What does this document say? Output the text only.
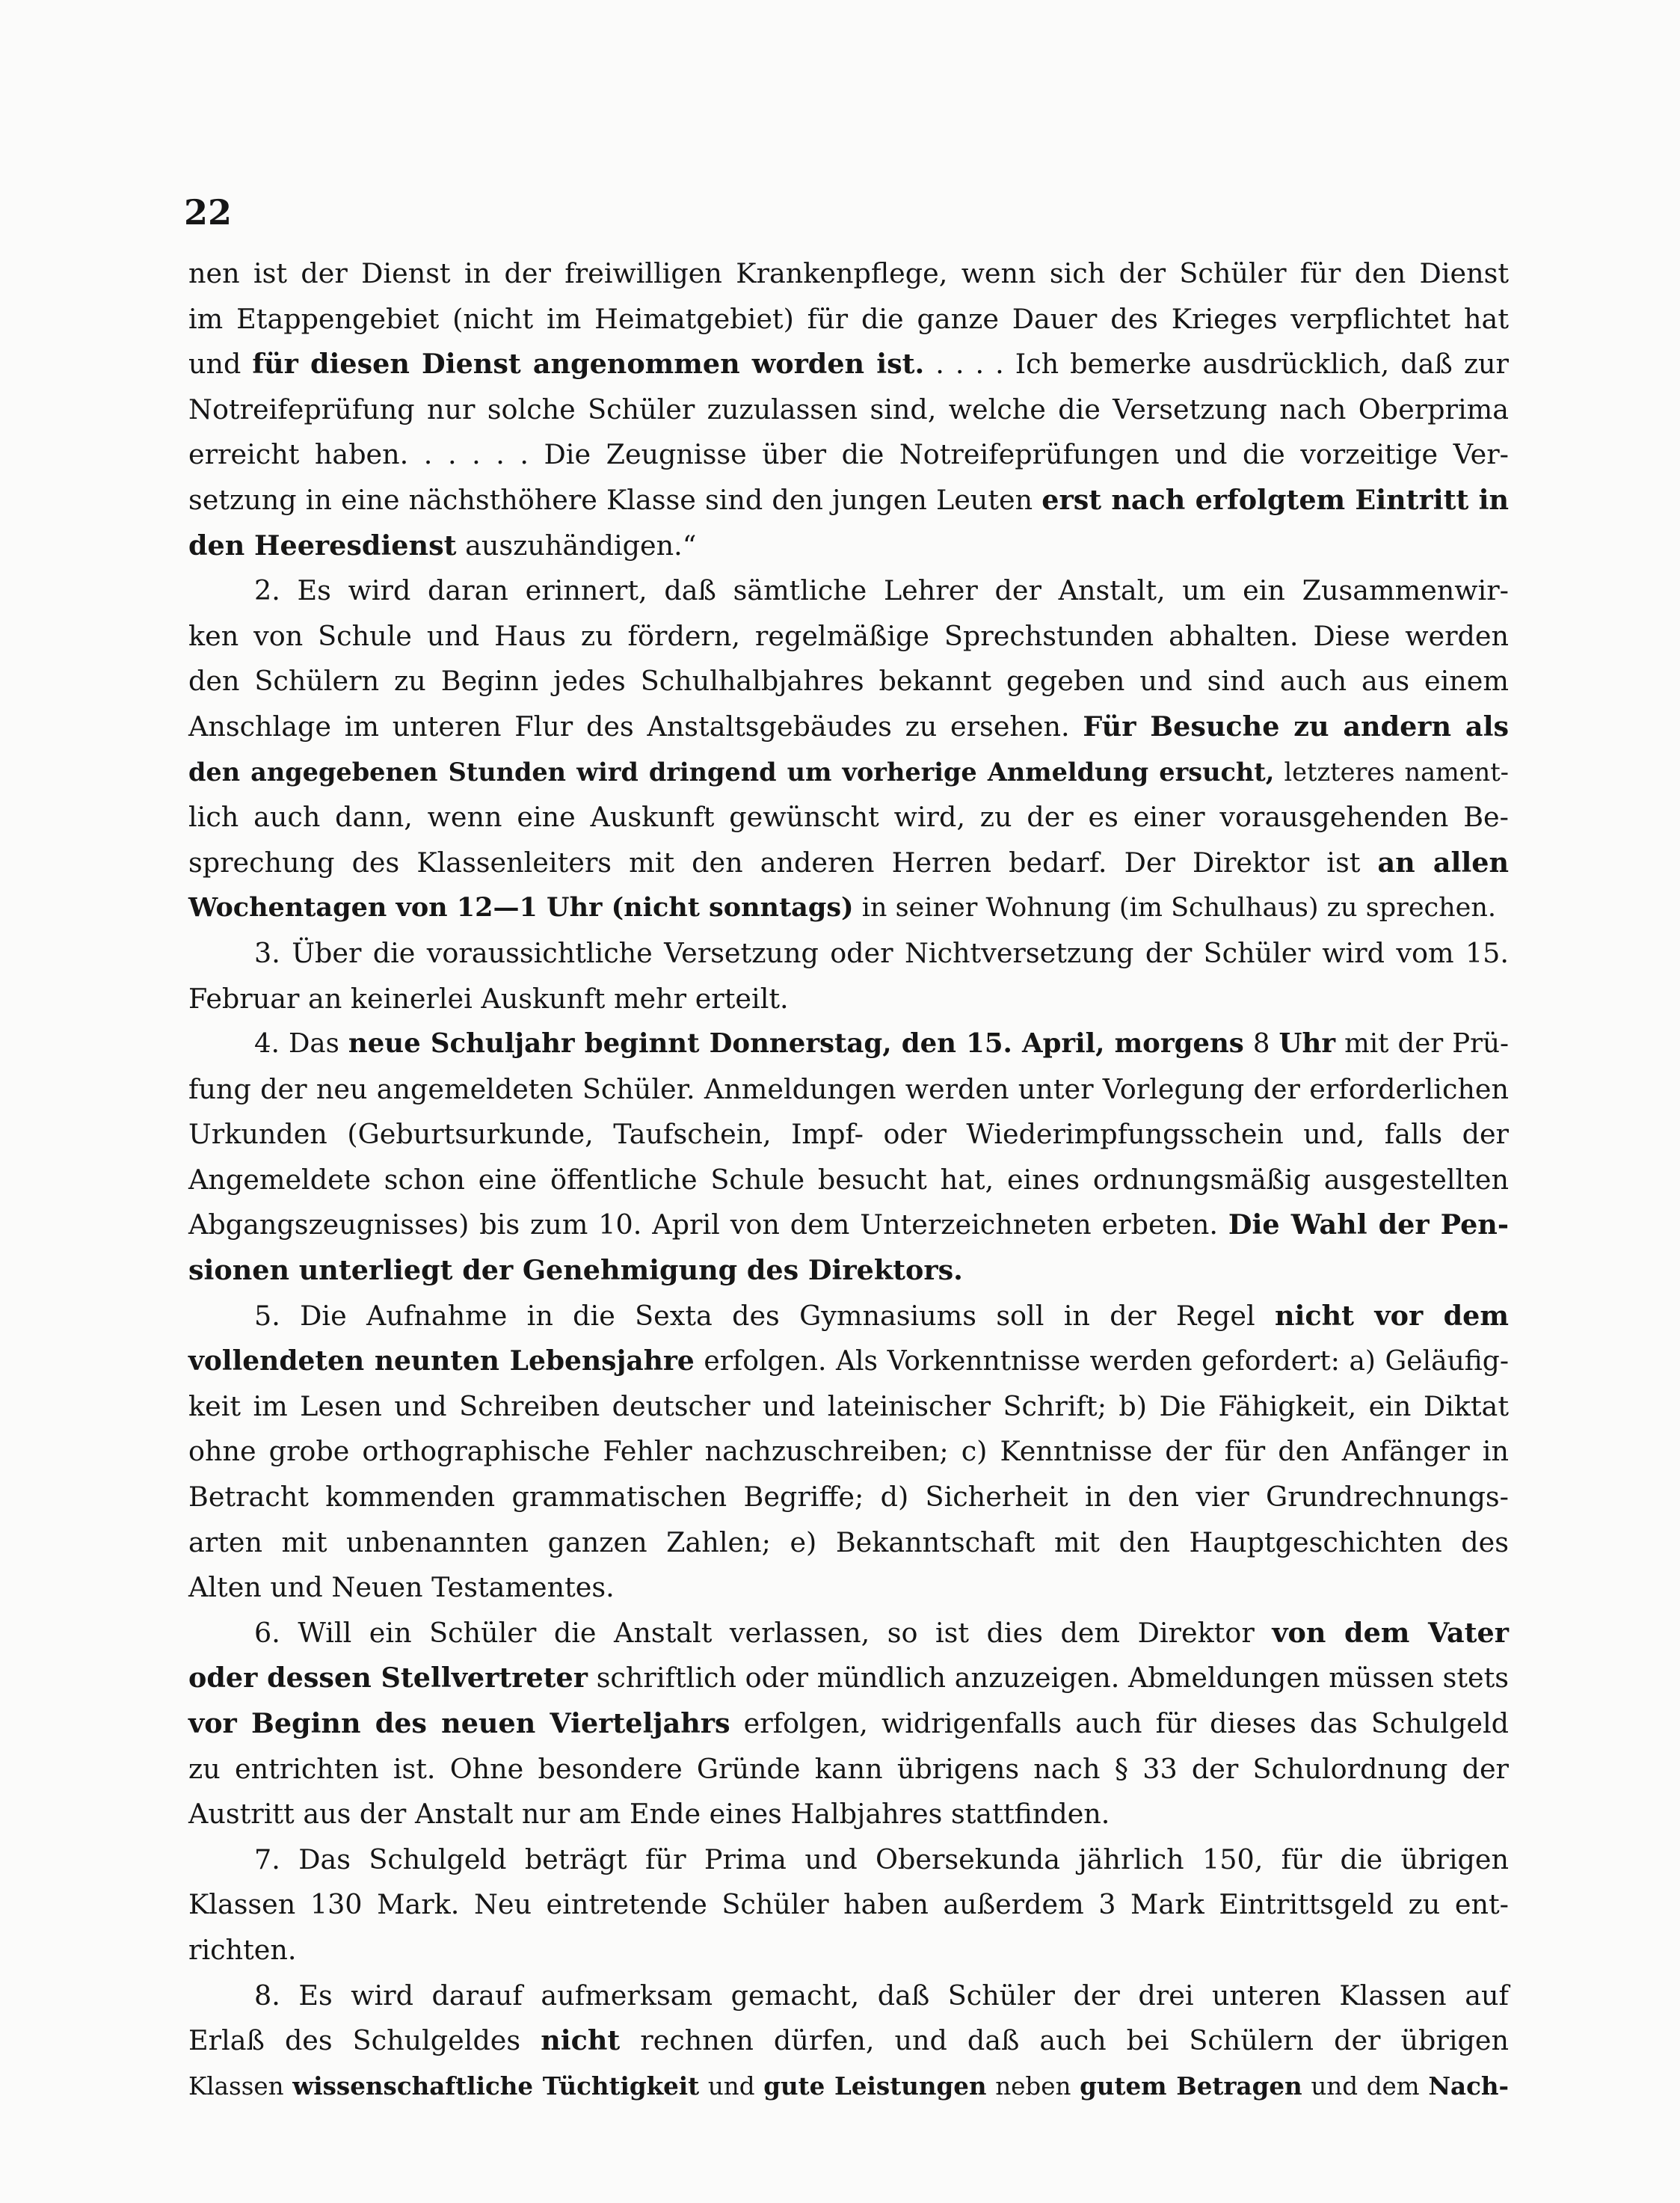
22
nen ist der Dienst in der freiwilligen Krankenpflege, wenn sich der Schüler für den Dienst
im Etappengebiet (nicht im Heimatgebiet) für die ganze Dauer des Krieges verpflichtet hat
und für diesen Dienst angenommen worden ist. . . . . Ich bemerke ausdrücklich, daß zur
Notreifeprüfung nur solche Schüler zuzulassen sind, welche die Versetzung nach Oberprima
erreicht haben. . . . . . Die Zeugnisse über die Notreifeprüfungen und die vorzeitige Ver-
setzung in eine nächsthöhere Klasse sind den jungen Leuten erst nach erfolgtem Eintritt in
den Heeresdienst auszuhändigen.“
2. Es wird daran erinnert, daß sämtliche Lehrer der Anstalt, um ein Zusammenwir-
ken von Schule und Haus zu fördern, regelmäßige Sprechstunden abhalten. Diese werden
den Schülern zu Beginn jedes Schulhalbjahres bekannt gegeben und sind auch aus einem
Anschlage im unteren Flur des Anstaltsgebäudes zu ersehen. Für Besuche zu andern als
den angegebenen Stunden wird dringend um vorherige Anmeldung ersucht, letzteres nament-
lich auch dann, wenn eine Auskunft gewünscht wird, zu der es einer vorausgehenden Be-
sprechung des Klassenleiters mit den anderen Herren bedarf. Der Direktor ist an allen
Wochentagen von 12—1 Uhr (nicht sonntags) in seiner Wohnung (im Schulhaus) zu sprechen.
3. Über die voraussichtliche Versetzung oder Nichtversetzung der Schüler wird vom 15.
Februar an keinerlei Auskunft mehr erteilt.
4. Das neue Schuljahr beginnt Donnerstag, den 15. April, morgens 8 Uhr mit der Prü-
fung der neu angemeldeten Schüler. Anmeldungen werden unter Vorlegung der erforderlichen
Urkunden (Geburtsurkunde, Taufschein, Impf- oder Wiederimpfungsschein und, falls der
Angemeldete schon eine öffentliche Schule besucht hat, eines ordnungsmäßig ausgestellten
Abgangszeugnisses) bis zum 10. April von dem Unterzeichneten erbeten. Die Wahl der Pen-
sionen unterliegt der Genehmigung des Direktors.
5. Die Aufnahme in die Sexta des Gymnasiums soll in der Regel nicht vor dem
vollendeten neunten Lebensjahre erfolgen. Als Vorkenntnisse werden gefordert: a) Geläufig-
keit im Lesen und Schreiben deutscher und lateinischer Schrift; b) Die Fähigkeit, ein Diktat
ohne grobe orthographische Fehler nachzuschreiben; c) Kenntnisse der für den Anfänger in
Betracht kommenden grammatischen Begriffe; d) Sicherheit in den vier Grundrechnungs-
arten mit unbenannten ganzen Zahlen; e) Bekanntschaft mit den Hauptgeschichten des
Alten und Neuen Testamentes.
6. Will ein Schüler die Anstalt verlassen, so ist dies dem Direktor von dem Vater
oder dessen Stellvertreter schriftlich oder mündlich anzuzeigen. Abmeldungen müssen stets
vor Beginn des neuen Vierteljahrs erfolgen, widrigenfalls auch für dieses das Schulgeld
zu entrichten ist. Ohne besondere Gründe kann übrigens nach § 33 der Schulordnung der
Austritt aus der Anstalt nur am Ende eines Halbjahres stattfinden.
7. Das Schulgeld beträgt für Prima und Obersekunda jährlich 150, für die übrigen
Klassen 130 Mark. Neu eintretende Schüler haben außerdem 3 Mark Eintrittsgeld zu ent-
richten.
8. Es wird darauf aufmerksam gemacht, daß Schüler der drei unteren Klassen auf
Erlaß des Schulgeldes nicht rechnen dürfen, und daß auch bei Schülern der übrigen
Klassen wissenschaftliche Tüchtigkeit und gute Leistungen neben gutem Betragen und dem Nach-
